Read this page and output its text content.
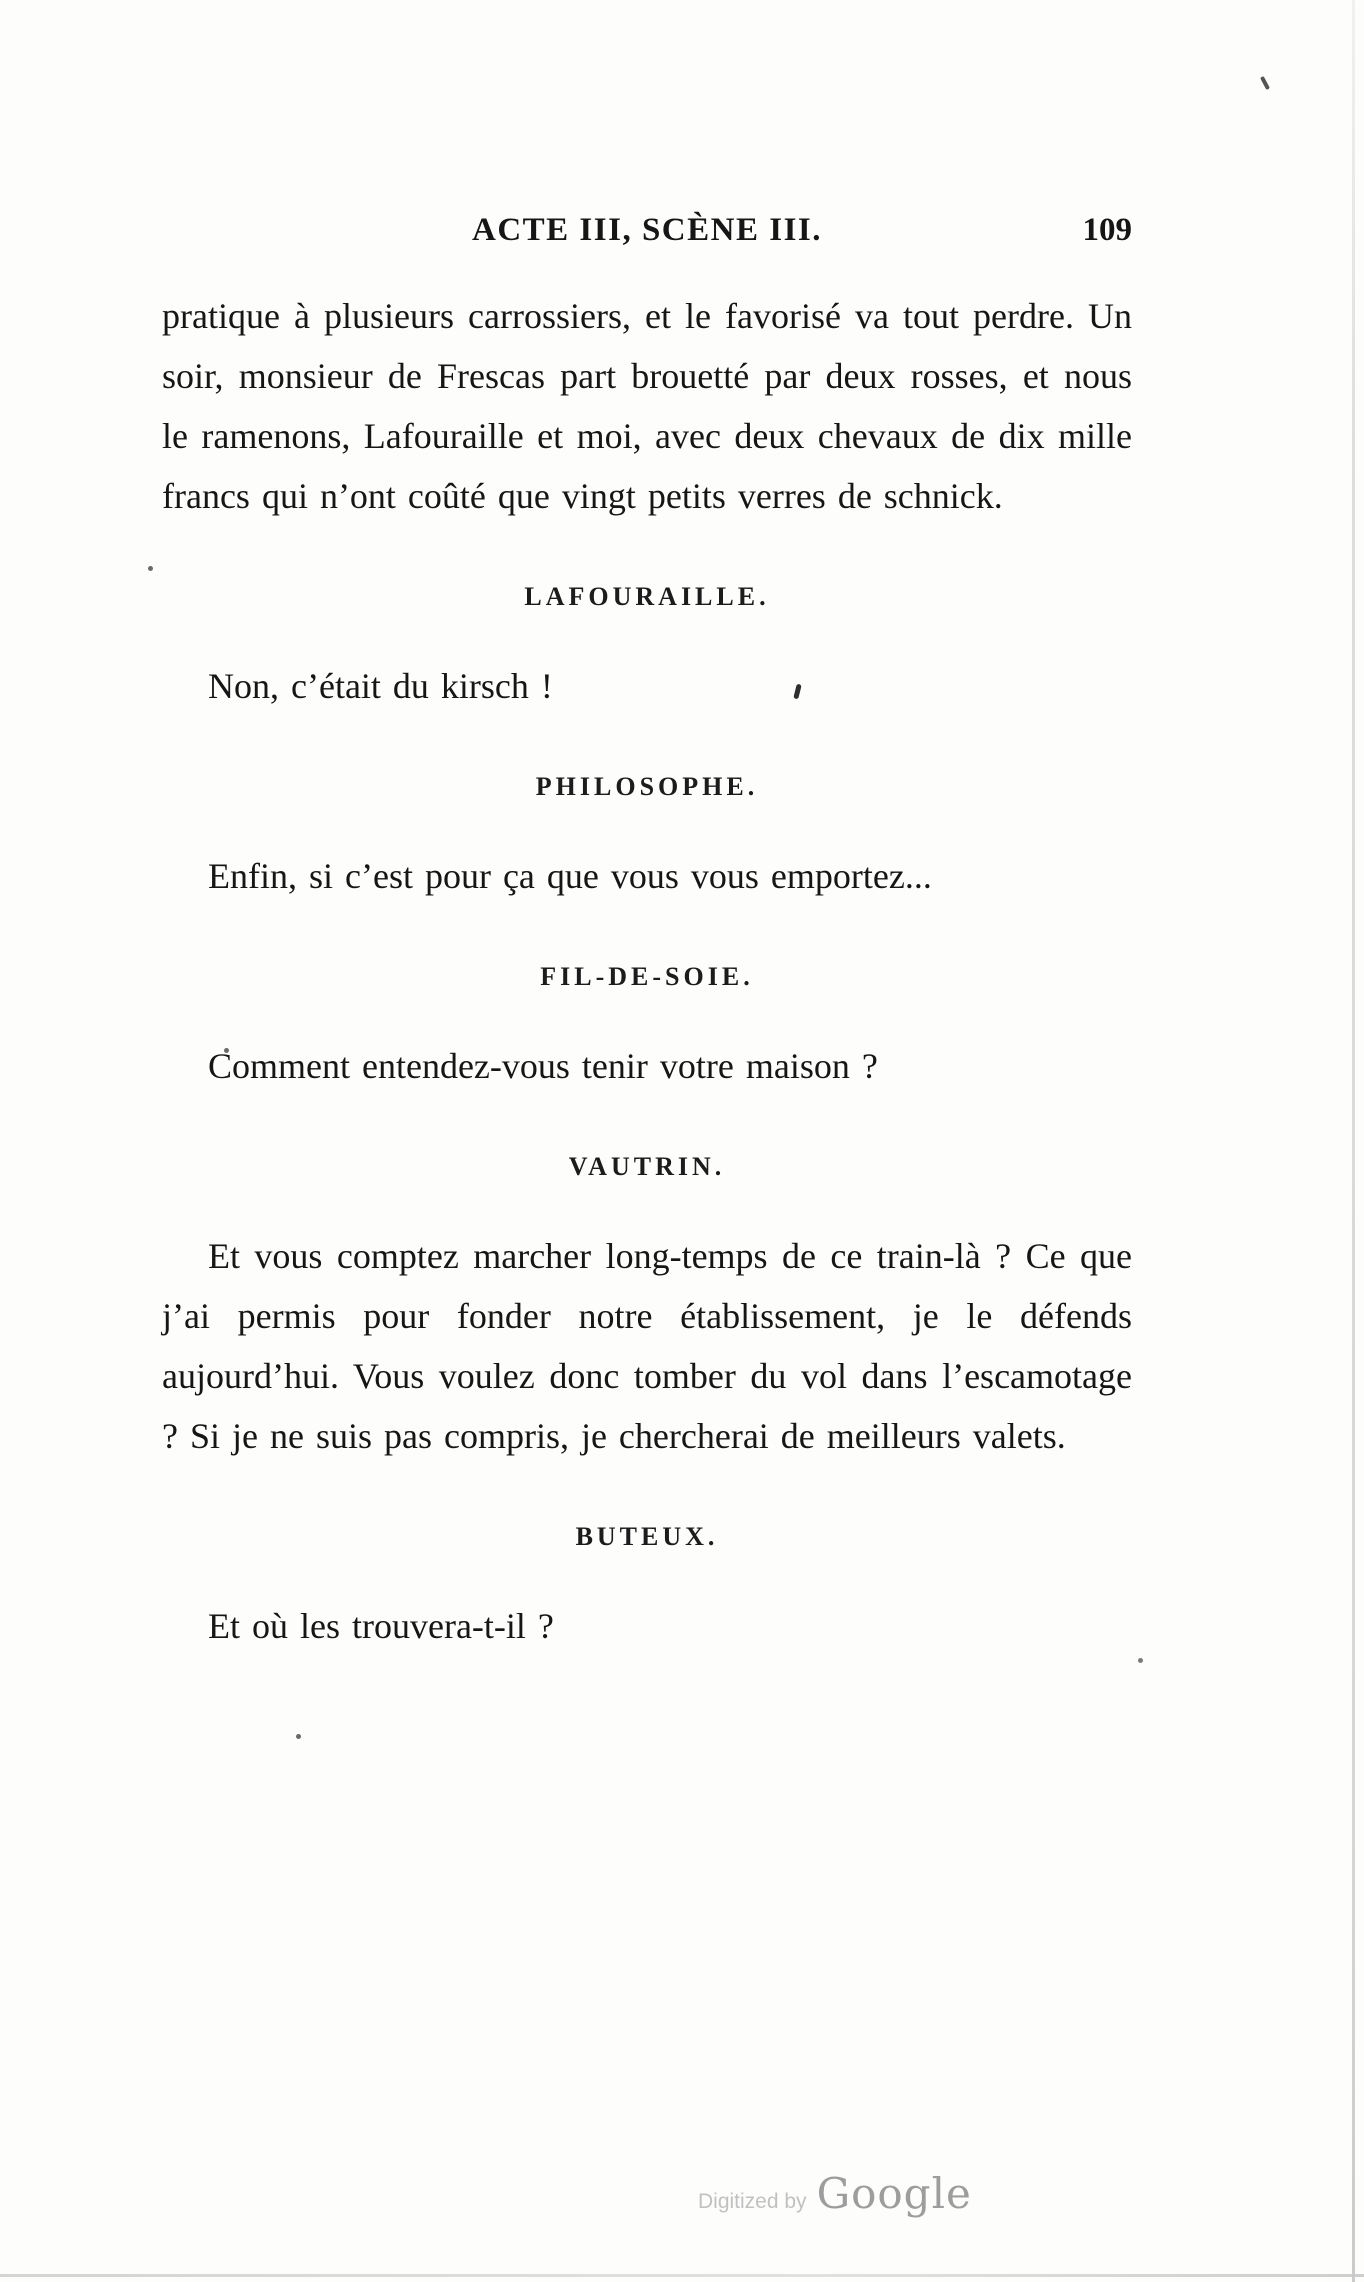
ACTE III, SCÈNE III.	109

pratique à plusieurs carrossiers, et le favorisé va tout perdre. Un soir, monsieur de Frescas part brouetté par deux rosses, et nous le ramenons, Lafouraille et moi, avec deux chevaux de dix mille francs qui n’ont coûté que vingt petits verres de schnick.

LAFOURAILLE.

Non, c’était du kirsch !

PHILOSOPHE.

Enfin, si c’est pour ça que vous vous emportez...

FIL-DE-SOIE.

Comment entendez-vous tenir votre maison ?

VAUTRIN.

Et vous comptez marcher long-temps de ce train-là ? Ce que j’ai permis pour fonder notre établissement, je le défends aujourd’hui. Vous voulez donc tomber du vol dans l’escamotage ? Si je ne suis pas compris, je chercherai de meilleurs valets.

BUTEUX.

Et où les trouvera-t-il ?

Digitized by Google
